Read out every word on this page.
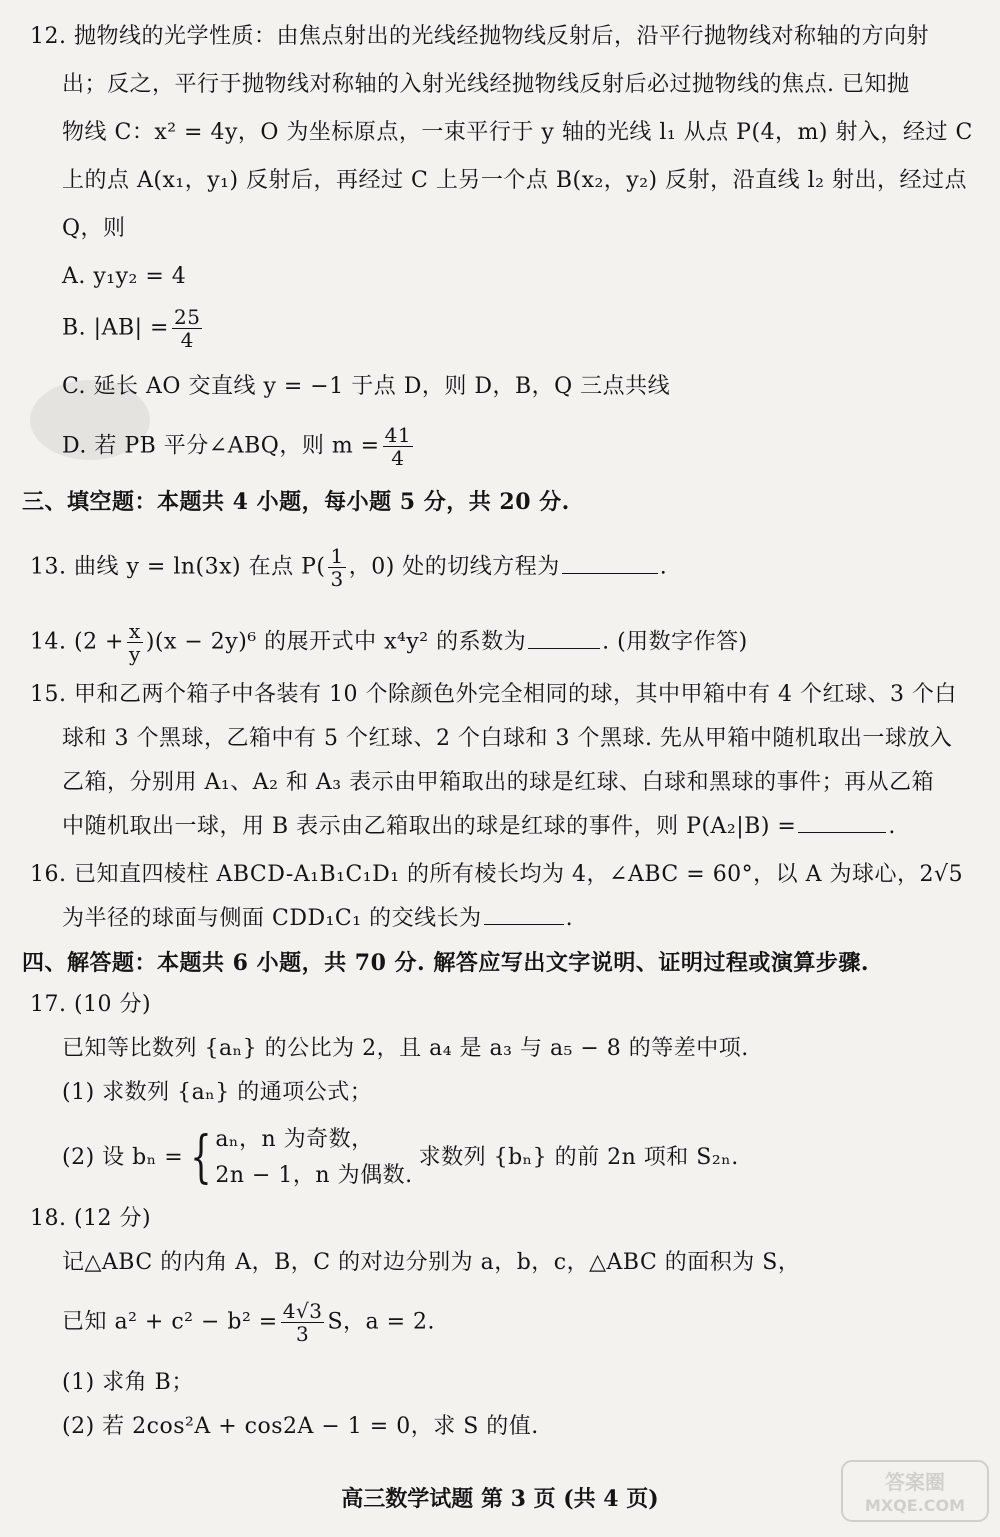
12. 抛物线的光学性质：由焦点射出的光线经抛物线反射后，沿平行抛物线对称轴的方向射
出；反之，平行于抛物线对称轴的入射光线经抛物线反射后必过抛物线的焦点. 已知抛
物线 C：x² = 4y，O 为坐标原点，一束平行于 y 轴的光线 l₁ 从点 P(4，m) 射入，经过 C
上的点 A(x₁，y₁) 反射后，再经过 C 上另一个点 B(x₂，y₂) 反射，沿直线 l₂ 射出，经过点
Q，则
A. y₁y₂ = 4
B. $|AB| = \frac{25}{4}$
C. 延长 AO 交直线 y = −1 于点 D，则 D，B，Q 三点共线
D. 若 PB 平分∠ABQ，则 $m = \frac{41}{4}$
三、填空题：本题共 4 小题，每小题 5 分，共 20 分.
13. 曲线 y = ln(3x) 在点 $P( \frac{1}{3}$ ，0) 处的切线方程为	.
14. $(2 + \frac{x}{y} )(x - 2y)^6$ 的展开式中 x⁴y² 的系数为	. (用数字作答)
15. 甲和乙两个箱子中各装有 10 个除颜色外完全相同的球，其中甲箱中有 4 个红球、3 个白
球和 3 个黑球，乙箱中有 5 个红球、2 个白球和 3 个黑球. 先从甲箱中随机取出一球放入
乙箱，分别用 A₁、A₂ 和 A₃ 表示由甲箱取出的球是红球、白球和黑球的事件；再从乙箱
中随机取出一球，用 B 表示由乙箱取出的球是红球的事件，则 P(A₂|B) =	.
16. 已知直四棱柱 ABCD-A₁B₁C₁D₁ 的所有棱长均为 4，∠ABC = 60°，以 A 为球心，2√5
为半径的球面与侧面 CDD₁C₁ 的交线长为	.
四、解答题：本题共 6 小题，共 70 分. 解答应写出文字说明、证明过程或演算步骤.
17. (10 分)
已知等比数列 {aₙ} 的公比为 2，且 a₄ 是 a₃ 与 a₅ − 8 的等差中项.
(1) 求数列 {aₙ} 的通项公式；
(2) 设 bₙ = { aₙ，n 为奇数，
2n − 1，n 为偶数.
求数列 {bₙ} 的前 2n 项和 S₂ₙ.
18. (12 分)
记△ABC 的内角 A，B，C 的对边分别为 a，b，c，△ABC 的面积为 S，
已知 $a^2 + c^2 - b^2 = \frac{4√3}{3}$ S，a = 2.
(1) 求角 B；
(2) 若 2cos²A + cos2A − 1 = 0，求 S 的值.
高三数学试题 第 3 页 (共 4 页)
答案圈 MXQE.COM
